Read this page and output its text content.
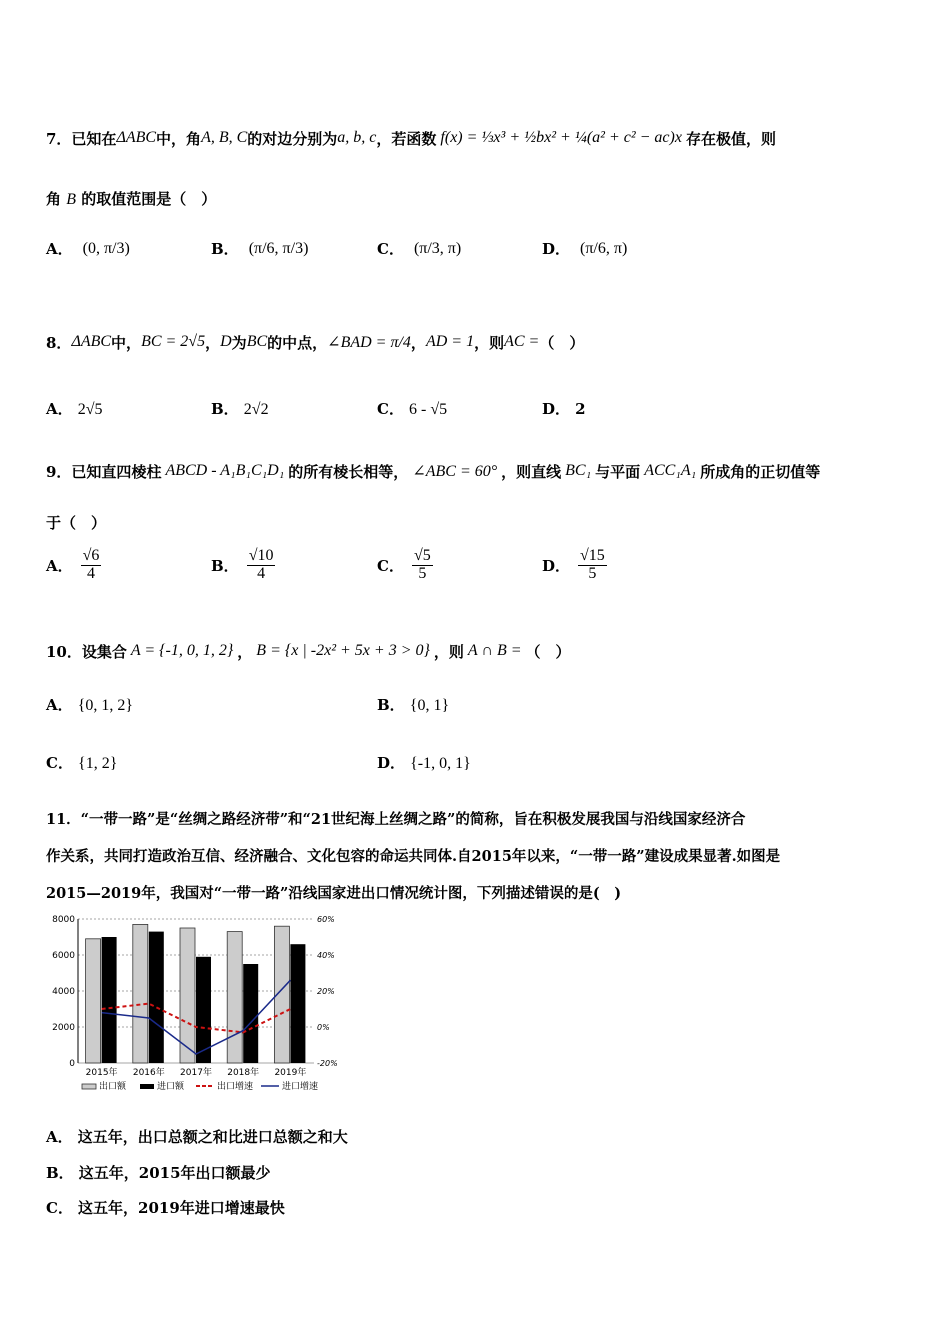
7．已知在 ΔABC 中，角 A, B, C 的对边分别为 a, b, c ，若函数 f(x) = ⅓x³ + ½bx² + ¼(a² + c² − ac)x 存在极值，则
角 B 的取值范围是（　）
A． (0, π/3)	B． (π/6, π/3)	C． (π/3, π)	D． (π/6, π)
8． ΔABC 中， BC = 2√5 ， D 为 BC 的中点， ∠BAD = π/4 ， AD = 1 ，则 AC = （　）
A． 2√5	B． 2√2	C． 6 - √5	D． 2
9．已知直四棱柱 ABCD - A₁B₁C₁D₁ 的所有棱长相等， ∠ABC = 60° ，则直线 BC₁ 与平面 ACC₁A₁ 所成角的正切值等
于（　）
A． $\frac{√6}{4}$	B． $\frac{√10}{4}$	C． $\frac{√5}{5}$	D． $\frac{√15}{5}$
10．设集合 A = {-1, 0, 1, 2} ， B = {x | -2x² + 5x + 3 > 0} ，则 A ∩ B = （　）
A． {0, 1, 2}	B． {0, 1}
C． {1, 2}	D． {-1, 0, 1}
11．“一带一路”是“丝绸之路经济带”和“21世纪海上丝绸之路”的简称，旨在积极发展我国与沿线国家经济合
作关系，共同打造政治互信、经济融合、文化包容的命运共同体.自2015年以来，“一带一路”建设成果显著.如图是
2015—2019年，我国对“一带一路”沿线国家进出口情况统计图，下列描述错误的是(　)
0
2000
4000
6000
8000
-20%
0%
20%
40%
60%
2015年 2016年 2017年 2018年 2019年
出口额	进口额	出口增速	进口增速
A． 这五年，出口总额之和比进口总额之和大
B． 这五年，2015年出口额最少
C． 这五年，2019年进口增速最快
